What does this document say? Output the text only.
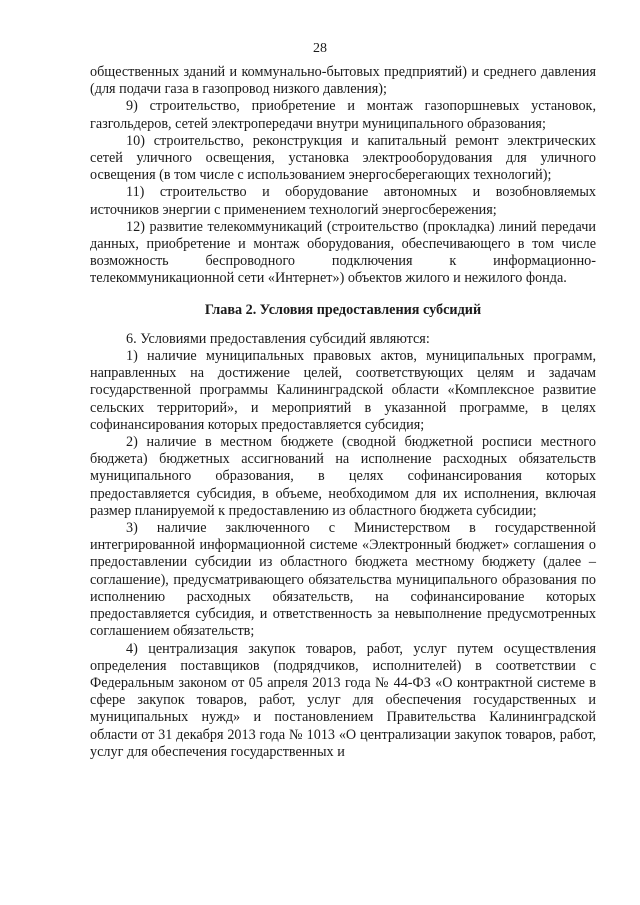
28

общественных зданий и коммунально-бытовых предприятий) и среднего давления (для подачи газа в газопровод низкого давления);

9) строительство, приобретение и монтаж газопоршневых установок, газгольдеров, сетей электропередачи внутри муниципального образования;

10) строительство, реконструкция и капитальный ремонт электрических сетей уличного освещения, установка электрооборудования для уличного освещения (в том числе с использованием энергосберегающих технологий);

11) строительство и оборудование автономных и возобновляемых источников энергии с применением технологий энергосбережения;

12) развитие телекоммуникаций (строительство (прокладка) линий передачи данных, приобретение и монтаж оборудования, обеспечивающего в том числе возможность беспроводного подключения к информационно-телекоммуникационной сети «Интернет») объектов жилого и нежилого фонда.

Глава 2. Условия предоставления субсидий

6. Условиями предоставления субсидий являются:

1) наличие муниципальных правовых актов, муниципальных программ, направленных на достижение целей, соответствующих целям и задачам государственной программы Калининградской области «Комплексное развитие сельских территорий», и мероприятий в указанной программе, в целях софинансирования которых предоставляется субсидия;

2) наличие в местном бюджете (сводной бюджетной росписи местного бюджета) бюджетных ассигнований на исполнение расходных обязательств муниципального образования, в целях софинансирования которых предоставляется субсидия, в объеме, необходимом для их исполнения, включая размер планируемой к предоставлению из областного бюджета субсидии;

3) наличие заключенного с Министерством в государственной интегрированной информационной системе «Электронный бюджет» соглашения о предоставлении субсидии из областного бюджета местному бюджету (далее – соглашение), предусматривающего обязательства муниципального образования по исполнению расходных обязательств, на софинансирование которых предоставляется субсидия, и ответственность за невыполнение предусмотренных соглашением обязательств;

4) централизация закупок товаров, работ, услуг путем осуществления определения поставщиков (подрядчиков, исполнителей) в соответствии с Федеральным законом от 05 апреля 2013 года № 44-ФЗ «О контрактной системе в сфере закупок товаров, работ, услуг для обеспечения государственных и муниципальных нужд» и постановлением Правительства Калининградской области от 31 декабря 2013 года № 1013 «О централизации закупок товаров, работ, услуг для обеспечения государственных и
